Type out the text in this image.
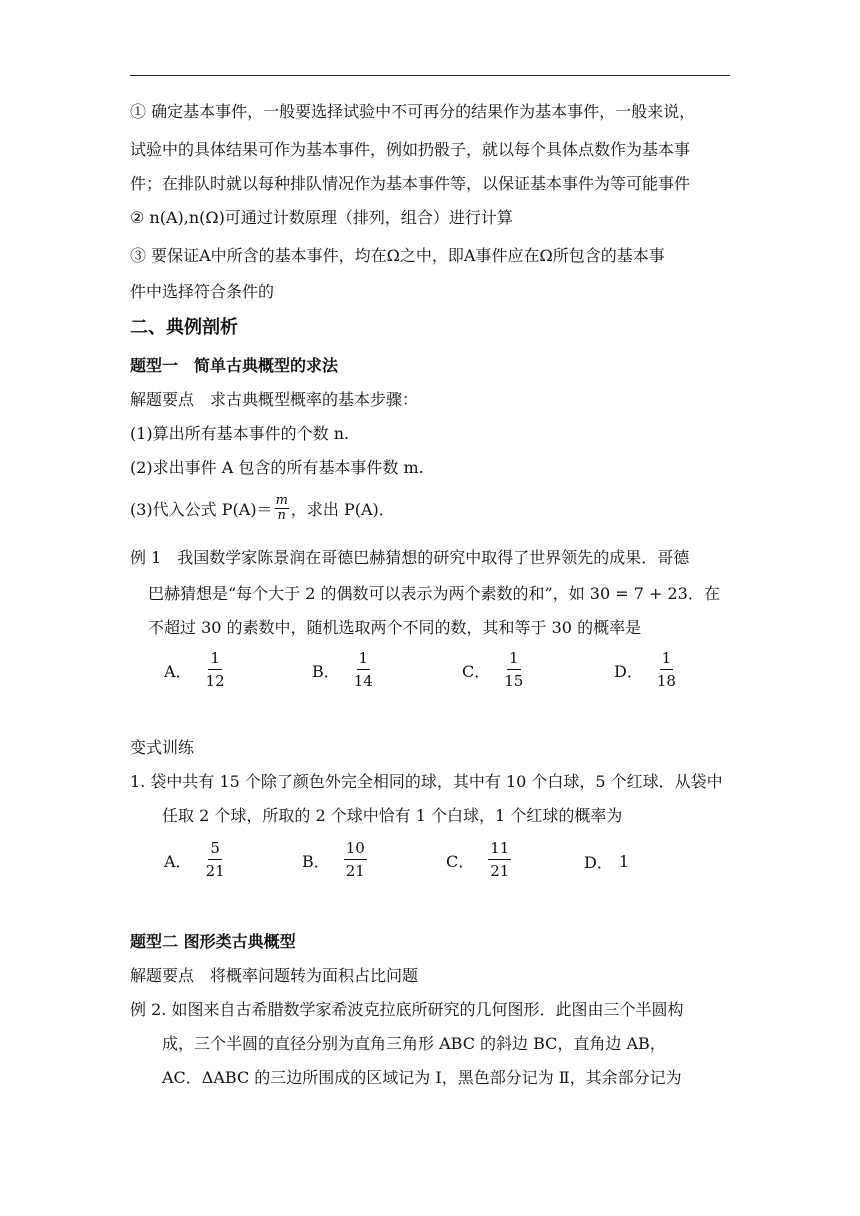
① 确定基本事件，一般要选择试验中不可再分的结果作为基本事件，一般来说，
试验中的具体结果可作为基本事件，例如扔骰子，就以每个具体点数作为基本事
件；在排队时就以每种排队情况作为基本事件等，以保证基本事件为等可能事件
② n(A),n(Ω)可通过计数原理（排列，组合）进行计算
③ 要保证A中所含的基本事件，均在Ω之中，即A事件应在Ω所包含的基本事
件中选择符合条件的
二、典例剖析
题型一　简单古典概型的求法
解题要点　求古典概型概率的基本步骤：
(1)算出所有基本事件的个数 n.
(2)求出事件 A 包含的所有基本事件数 m.
(3)代入公式 $P(A)= \frac{m}{n}$ ，求出 P(A)．
例 1　我国数学家陈景润在哥德巴赫猜想的研究中取得了世界领先的成果．哥德
巴赫猜想是“每个大于 2 的偶数可以表示为两个素数的和”，如 30 = 7 + 23．在
不超过 30 的素数中，随机选取两个不同的数，其和等于 30 的概率是
A． $\frac{1}{12}$	B． $\frac{1}{14}$	C． $\frac{1}{15}$	D． $\frac{1}{18}$
变式训练
1. 袋中共有 15 个除了颜色外完全相同的球，其中有 10 个白球，5 个红球．从袋中
任取 2 个球，所取的 2 个球中恰有 1 个白球，1 个红球的概率为
A． $\frac{5}{21}$	B． $\frac{10}{21}$	C． $\frac{11}{21}$	D． 1
题型二 图形类古典概型
解题要点　将概率问题转为面积占比问题
例 2. 如图来自古希腊数学家希波克拉底所研究的几何图形．此图由三个半圆构
成，三个半圆的直径分别为直角三角形 ABC 的斜边 BC，直角边 AB，
AC．ΔABC 的三边所围成的区域记为 Ⅰ，黑色部分记为 Ⅱ，其余部分记为
